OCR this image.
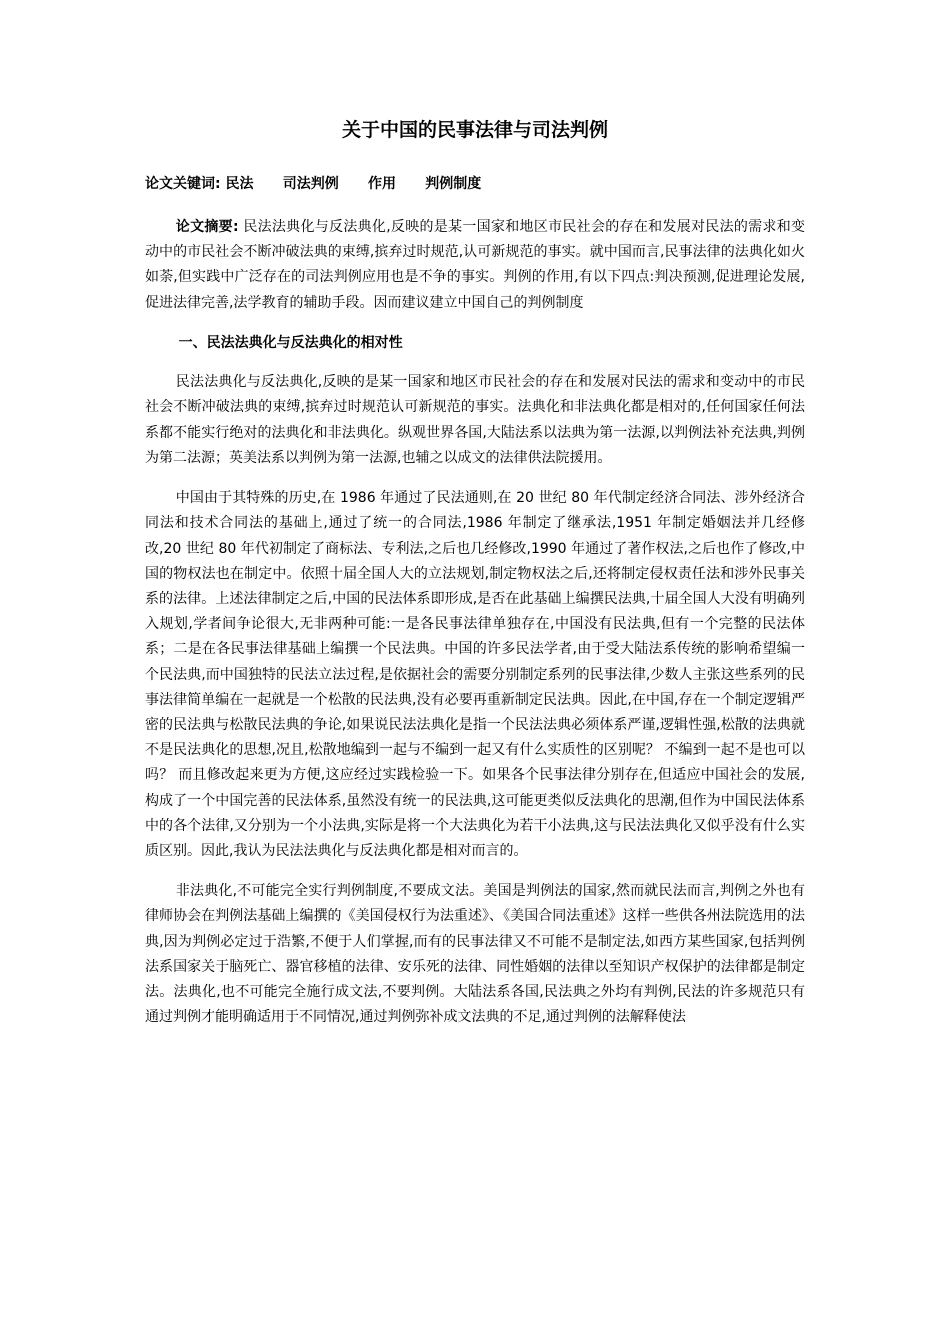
关于中国的民事法律与司法判例
论文关键词: 民法      司法判例      作用      判例制度

论文摘要: 民法法典化与反法典化,反映的是某一国家和地区市民社会的存在和发展对民法的需求和变动中的市民社会不断冲破法典的束缚,摈弃过时规范,认可新规范的事实。就中国而言,民事法律的法典化如火如荼,但实践中广泛存在的司法判例应用也是不争的事实。判例的作用,有以下四点:判决预测,促进理论发展,促进法律完善,法学教育的辅助手段。因而建议建立中国自己的判例制度

一、民法法典化与反法典化的相对性

民法法典化与反法典化,反映的是某一国家和地区市民社会的存在和发展对民法的需求和变动中的市民社会不断冲破法典的束缚,摈弃过时规范认可新规范的事实。法典化和非法典化都是相对的,任何国家任何法系都不能实行绝对的法典化和非法典化。纵观世界各国,大陆法系以法典为第一法源,以判例法补充法典,判例为第二法源；英美法系以判例为第一法源,也辅之以成文的法律供法院援用。

中国由于其特殊的历史,在 1986 年通过了民法通则,在 20 世纪 80 年代制定经济合同法、涉外经济合同法和技术合同法的基础上,通过了统一的合同法,1986 年制定了继承法,1951 年制定婚姻法并几经修改,20 世纪 80 年代初制定了商标法、专利法,之后也几经修改,1990 年通过了著作权法,之后也作了修改,中国的物权法也在制定中。依照十届全国人大的立法规划,制定物权法之后,还将制定侵权责任法和涉外民事关系的法律。上述法律制定之后,中国的民法体系即形成,是否在此基础上编撰民法典,十届全国人大没有明确列入规划,学者间争论很大,无非两种可能:一是各民事法律单独存在,中国没有民法典,但有一个完整的民法体系；二是在各民事法律基础上编撰一个民法典。中国的许多民法学者,由于受大陆法系传统的影响希望编一个民法典,而中国独特的民法立法过程,是依据社会的需要分别制定系列的民事法律,少数人主张这些系列的民事法律简单编在一起就是一个松散的民法典,没有必要再重新制定民法典。因此,在中国,存在一个制定逻辑严密的民法典与松散民法典的争论,如果说民法法典化是指一个民法法典必须体系严谨,逻辑性强,松散的法典就不是民法典化的思想,况且,松散地编到一起与不编到一起又有什么实质性的区别呢？ 不编到一起不是也可以吗？ 而且修改起来更为方便,这应经过实践检验一下。如果各个民事法律分别存在,但适应中国社会的发展,构成了一个中国完善的民法体系,虽然没有统一的民法典,这可能更类似反法典化的思潮,但作为中国民法体系中的各个法律,又分别为一个小法典,实际是将一个大法典化为若干小法典,这与民法法典化又似乎没有什么实质区别。因此,我认为民法法典化与反法典化都是相对而言的。

非法典化,不可能完全实行判例制度,不要成文法。美国是判例法的国家,然而就民法而言,判例之外也有律师协会在判例法基础上编撰的《美国侵权行为法重述》、《美国合同法重述》这样一些供各州法院选用的法典,因为判例必定过于浩繁,不便于人们掌握,而有的民事法律又不可能不是制定法,如西方某些国家,包括判例法系国家关于脑死亡、器官移植的法律、安乐死的法律、同性婚姻的法律以至知识产权保护的法律都是制定法。法典化,也不可能完全施行成文法,不要判例。大陆法系各国,民法典之外均有判例,民法的许多规范只有通过判例才能明确适用于不同情况,通过判例弥补成文法典的不足,通过判例的法解释使法
